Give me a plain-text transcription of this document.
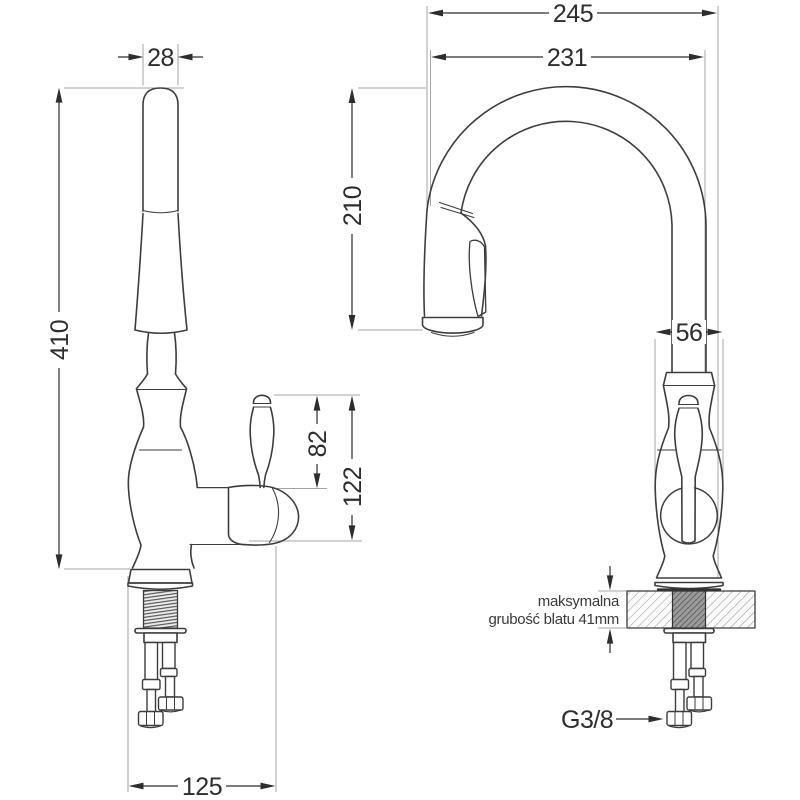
245
231
28
410
82
122
210
125
56
maksymalna
grubość blatu 41mm
G3/8
